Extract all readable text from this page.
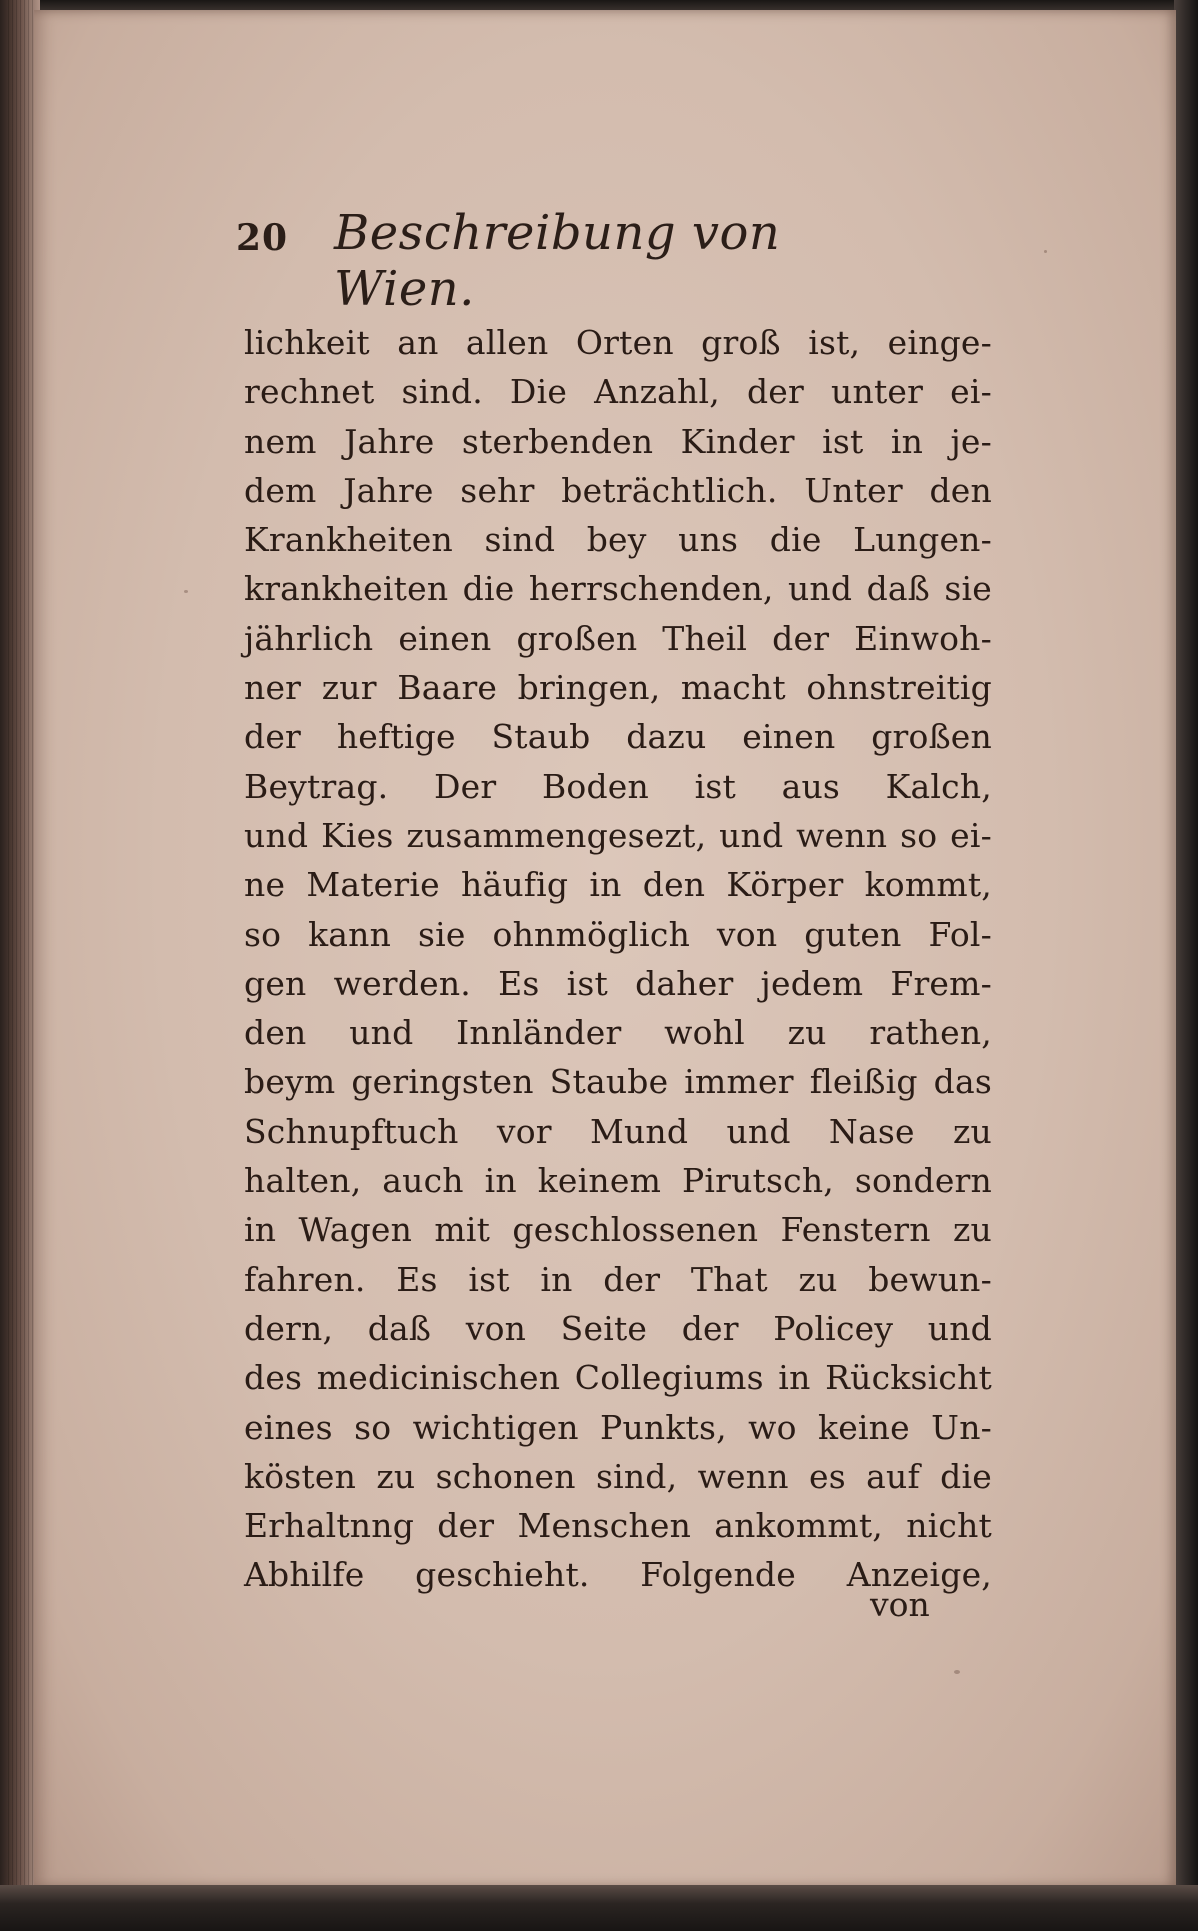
20 Beschreibung von Wien.
lichkeit an allen Orten groß ist, einge-
rechnet sind. Die Anzahl, der unter ei-
nem Jahre sterbenden Kinder ist in je-
dem Jahre sehr beträchtlich. Unter den
Krankheiten sind bey uns die Lungen-
krankheiten die herrschenden, und daß sie
jährlich einen großen Theil der Einwoh-
ner zur Baare bringen, macht ohnstreitig
der heftige Staub dazu einen großen
Beytrag. Der Boden ist aus Kalch,
und Kies zusammengesezt, und wenn so ei-
ne Materie häufig in den Körper kommt,
so kann sie ohnmöglich von guten Fol-
gen werden. Es ist daher jedem Frem-
den und Innländer wohl zu rathen,
beym geringsten Staube immer fleißig das
Schnupftuch vor Mund und Nase zu
halten, auch in keinem Pirutsch, sondern
in Wagen mit geschlossenen Fenstern zu
fahren. Es ist in der That zu bewun-
dern, daß von Seite der Policey und
des medicinischen Collegiums in Rücksicht
eines so wichtigen Punkts, wo keine Un-
kösten zu schonen sind, wenn es auf die
Erhaltnng der Menschen ankommt, nicht
Abhilfe geschieht. Folgende Anzeige,
von
